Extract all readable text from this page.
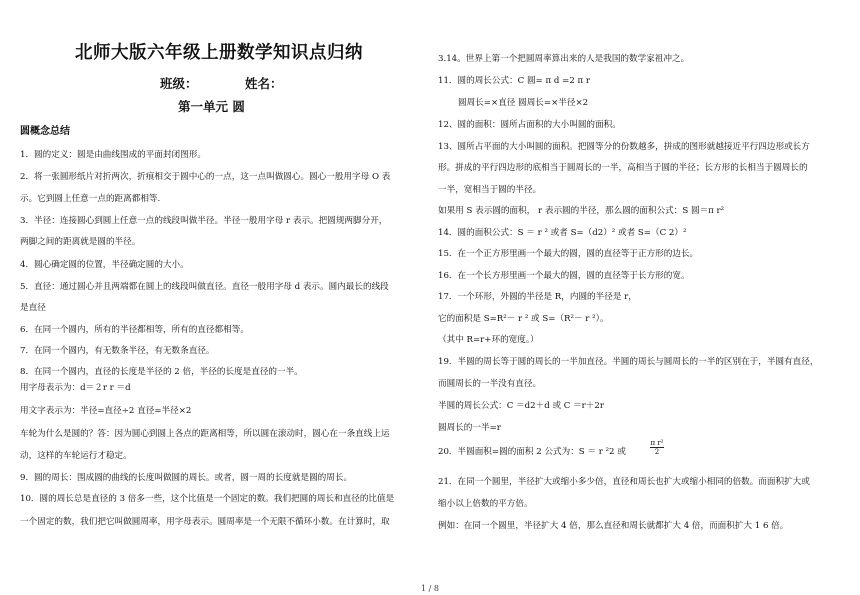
北师大版六年级上册数学知识点归纳
班级：	姓名：
第一单元 圆
圆概念总结
1．圆的定义：圆是由曲线围成的平面封闭图形。
2．将一张圆形纸片对折两次，折痕相交于圆中心的一点，这一点叫做圆心。圆心一般用字母 O 表
示。它到圆上任意一点的距离都相等.
3．半径：连接圆心到圆上任意一点的线段叫做半径。半径一般用字母 r 表示。把圆规两脚分开，
两脚之间的距离就是圆的半径。
4．圆心确定圆的位置，半径确定圆的大小。
5．直径：通过圆心并且两端都在圆上的线段叫做直径。直径一般用字母 d 表示。圆内最长的线段
是直径
6．在同一个圆内，所有的半径都相等，所有的直径都相等。
7．在同一个圆内，有无数条半径，有无数条直径。
8．在同一个圆内，直径的长度是半径的 2 倍，半径的长度是直径的一半。
用字母表示为：d＝２r r ＝d
用文字表示为：半径=直径÷2 直径=半径×2
车轮为什么是圆的？答：因为圆心到圆上各点的距离相等，所以圆在滚动时，圆心在一条直线上运
动，这样的车轮运行才稳定。
9．圆的周长：围成圆的曲线的长度叫做圆的周长。或者，圆一周的长度就是圆的周长。
10．圆的周长总是直径的 3 倍多一些，这个比值是一个固定的数。我们把圆的周长和直径的比值是
一个固定的数，我们把它叫做圆周率，用字母表示。圆周率是一个无限不循环小数。在计算时，取
3.14。世界上第一个把圆周率算出来的人是我国的数学家祖冲之。
11．圆的周长公式：C 圆= π d =2 π r
圆周长=×直径 圆周长=×半径×2
12、圆的面积：圆所占面积的大小叫圆的面积。
13、圆所占平面的大小叫圆的面积。把圆等分的份数越多，拼成的图形就越接近平行四边形或长方
形。拼成的平行四边形的底相当于圆周长的一半，高相当于圆的半径；长方形的长相当于圆周长的
一半，宽相当于圆的半径。
如果用 S 表示圆的面积， r 表示圆的半径，那么圆的面积公式：S 圆＝π r²
14．圆的面积公式：S ＝ r ² 或者 S=（d2）² 或者 S=（C 2）²
15．在一个正方形里画一个最大的圆，圆的直径等于正方形的边长。
16．在一个长方形里画一个最大的圆，圆的直径等于长方形的宽。
17．一个环形，外圆的半径是 R，内圆的半径是 r，
它的面积是 S=R²－ r ² 或 S=（R²－ r ²）。
（其中 R=r+环的宽度。）
19．半圆的周长等于圆的周长的一半加直径。半圆的周长与圆周长的一半的区别在于，半圆有直径，
而圆周长的一半没有直径。
半圆的周长公式：C ＝d2＋d 或 C ＝r＋2r
圆周长的一半=r
20．半圆面积=圆的面积 2 公式为：S ＝ r ²2 或
π r²
2
21．在同一个圆里，半径扩大或缩小多少倍，直径和周长也扩大或缩小相同的倍数。而面积扩大或
缩小以上倍数的平方倍。
例如：在同一个圆里，半径扩大 4 倍，那么直径和周长就都扩大 4 倍，而面积扩大 1 6 倍。
1 / 8
